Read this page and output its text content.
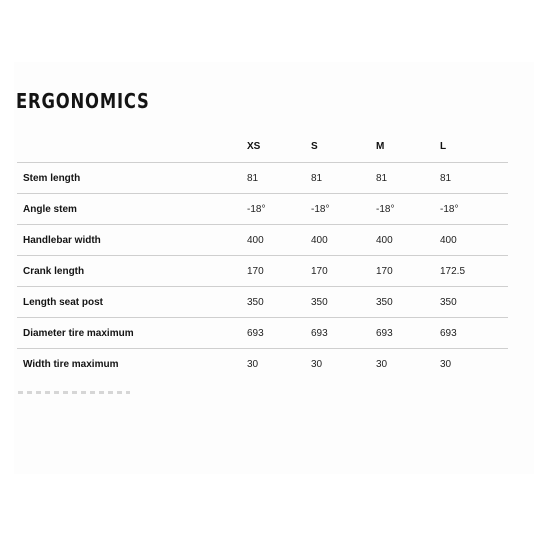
ERGONOMICS
	XS	S	M	L
Stem length	81	81	81	81
Angle stem	-18°	-18°	-18°	-18°
Handlebar width	400	400	400	400
Crank length	170	170	170	172.5
Length seat post	350	350	350	350
Diameter tire maximum	693	693	693	693
Width tire maximum	30	30	30	30
